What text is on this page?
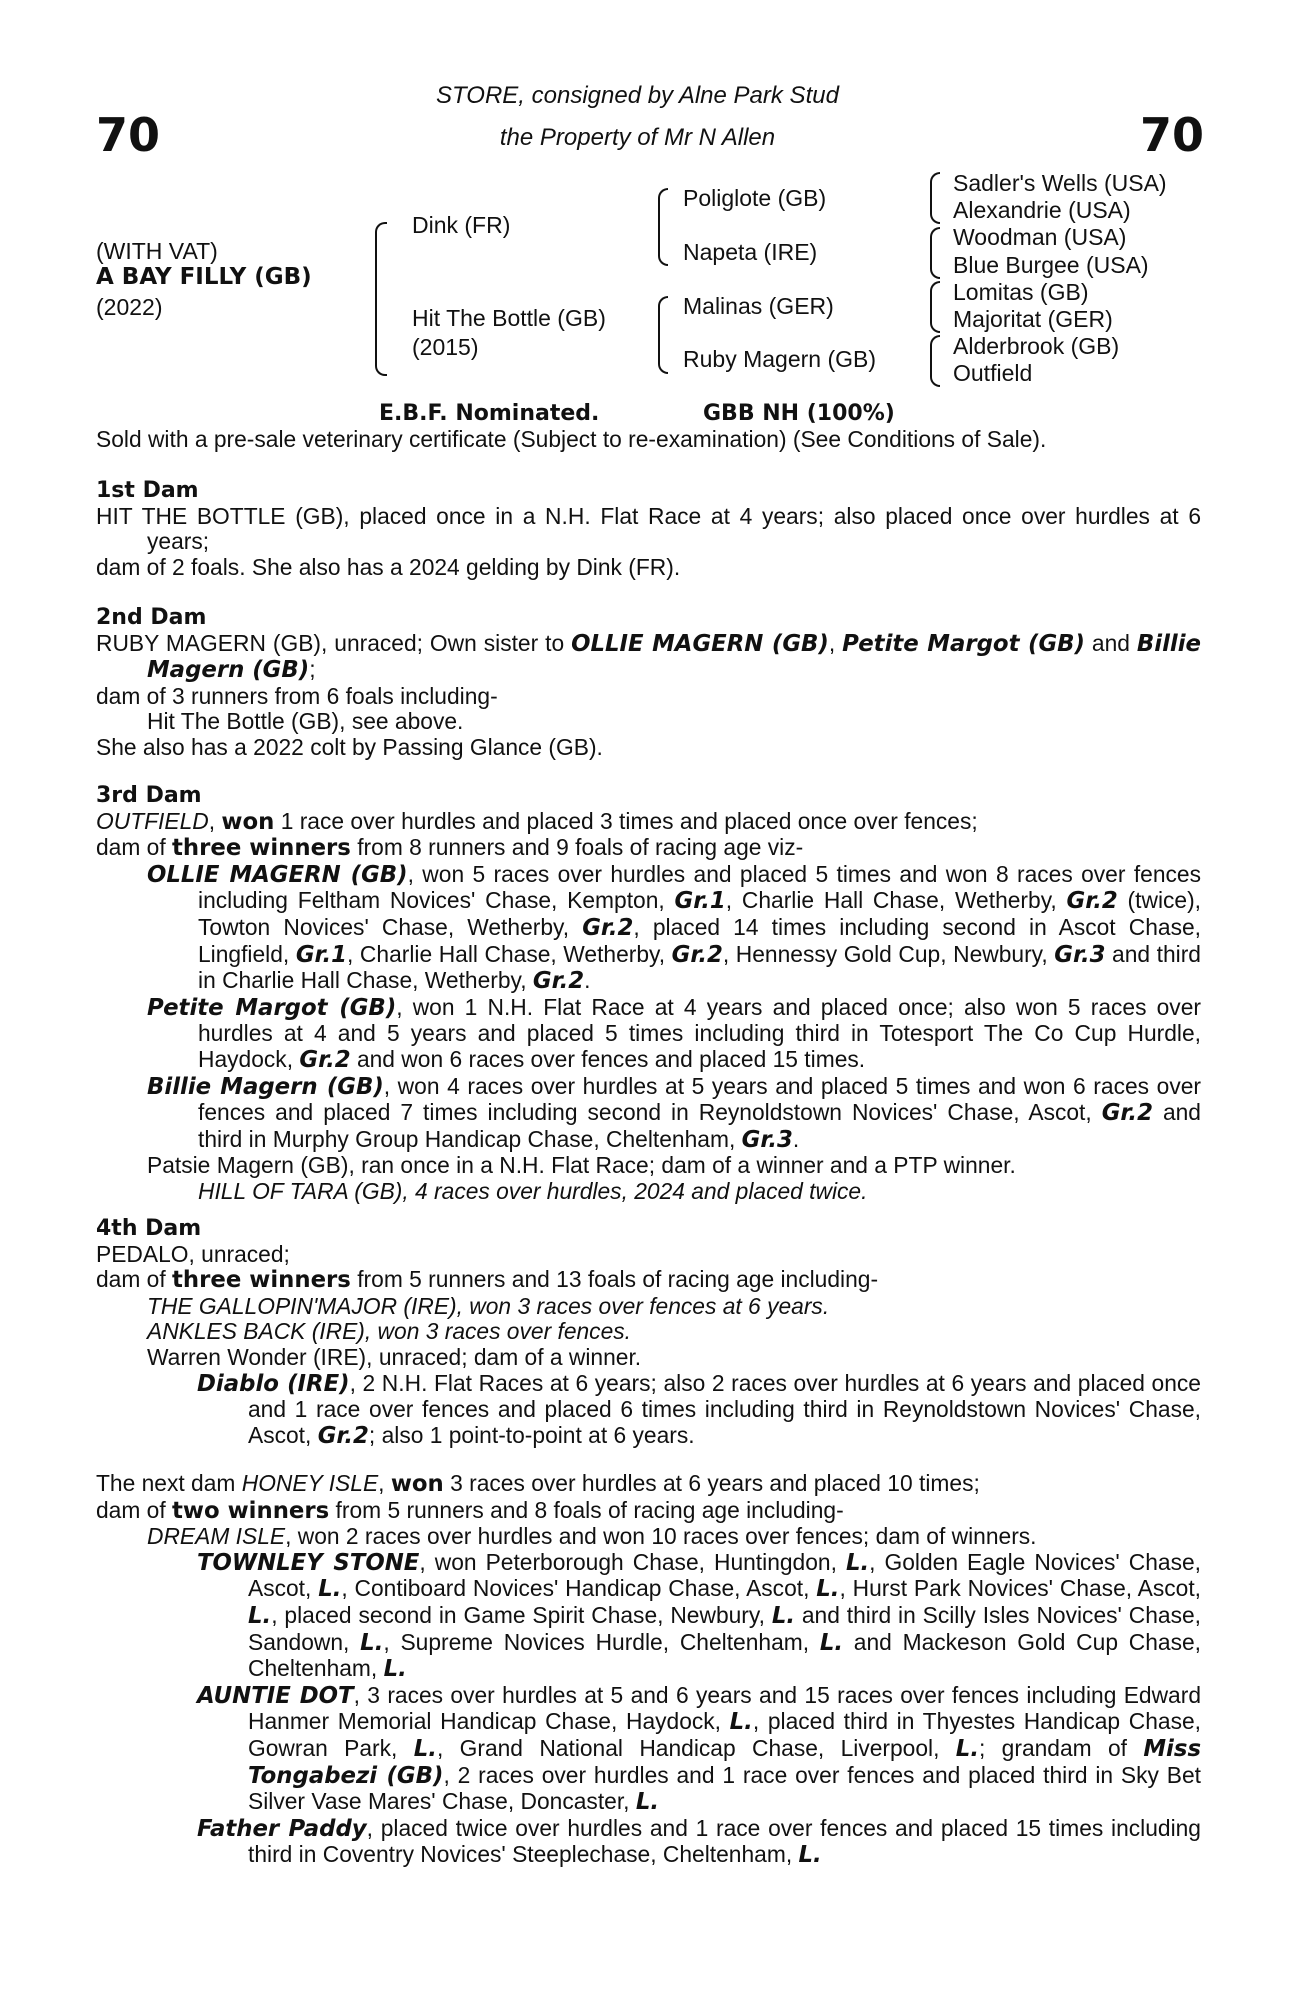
70	70
STORE, consigned by Alne Park Stud
the Property of Mr N Allen
(WITH VAT)
A BAY FILLY (GB)
(2022)
Dink (FR)
Hit The Bottle (GB)
(2015)
Poliglote (GB)
Napeta (IRE)
Malinas (GER)
Ruby Magern (GB)
Sadler's Wells (USA)
Alexandrie (USA)
Woodman (USA)
Blue Burgee (USA)
Lomitas (GB)
Majoritat (GER)
Alderbrook (GB)
Outfield
E.B.F. Nominated.	GBB NH (100%)
Sold with a pre-sale veterinary certificate (Subject to re-examination) (See Conditions of Sale).

1st Dam

HIT THE BOTTLE (GB), placed once in a N.H. Flat Race at 4 years; also placed once over hurdles at 6 years;

dam of 2 foals. She also has a 2024 gelding by Dink (FR).

2nd Dam

RUBY MAGERN (GB), unraced; Own sister to OLLIE MAGERN (GB), Petite Margot (GB) and Billie Magern (GB);

dam of 3 runners from 6 foals including-

Hit The Bottle (GB), see above.

She also has a 2022 colt by Passing Glance (GB).

3rd Dam

OUTFIELD, won 1 race over hurdles and placed 3 times and placed once over fences;

dam of three winners from 8 runners and 9 foals of racing age viz-

OLLIE MAGERN (GB), won 5 races over hurdles and placed 5 times and won 8 races over fences including Feltham Novices' Chase, Kempton, Gr.1, Charlie Hall Chase, Wetherby, Gr.2 (twice), Towton Novices' Chase, Wetherby, Gr.2, placed 14 times including second in Ascot Chase, Lingfield, Gr.1, Charlie Hall Chase, Wetherby, Gr.2, Hennessy Gold Cup, Newbury, Gr.3 and third in Charlie Hall Chase, Wetherby, Gr.2.

Petite Margot (GB), won 1 N.H. Flat Race at 4 years and placed once; also won 5 races over hurdles at 4 and 5 years and placed 5 times including third in Totesport The Co Cup Hurdle, Haydock, Gr.2 and won 6 races over fences and placed 15 times.

Billie Magern (GB), won 4 races over hurdles at 5 years and placed 5 times and won 6 races over fences and placed 7 times including second in Reynoldstown Novices' Chase, Ascot, Gr.2 and third in Murphy Group Handicap Chase, Cheltenham, Gr.3.

Patsie Magern (GB), ran once in a N.H. Flat Race; dam of a winner and a PTP winner.

HILL OF TARA (GB), 4 races over hurdles, 2024 and placed twice.

4th Dam

PEDALO, unraced;

dam of three winners from 5 runners and 13 foals of racing age including-

THE GALLOPIN'MAJOR (IRE), won 3 races over fences at 6 years.

ANKLES BACK (IRE), won 3 races over fences.

Warren Wonder (IRE), unraced; dam of a winner.

Diablo (IRE), 2 N.H. Flat Races at 6 years; also 2 races over hurdles at 6 years and placed once and 1 race over fences and placed 6 times including third in Reynoldstown Novices' Chase, Ascot, Gr.2; also 1 point-to-point at 6 years.

The next dam HONEY ISLE, won 3 races over hurdles at 6 years and placed 10 times;

dam of two winners from 5 runners and 8 foals of racing age including-

DREAM ISLE, won 2 races over hurdles and won 10 races over fences; dam of winners.

TOWNLEY STONE, won Peterborough Chase, Huntingdon, L., Golden Eagle Novices' Chase, Ascot, L., Contiboard Novices' Handicap Chase, Ascot, L., Hurst Park Novices' Chase, Ascot, L., placed second in Game Spirit Chase, Newbury, L. and third in Scilly Isles Novices' Chase, Sandown, L., Supreme Novices Hurdle, Cheltenham, L. and Mackeson Gold Cup Chase, Cheltenham, L.

AUNTIE DOT, 3 races over hurdles at 5 and 6 years and 15 races over fences including Edward Hanmer Memorial Handicap Chase, Haydock, L., placed third in Thyestes Handicap Chase, Gowran Park, L., Grand National Handicap Chase, Liverpool, L.; grandam of Miss Tongabezi (GB), 2 races over hurdles and 1 race over fences and placed third in Sky Bet Silver Vase Mares' Chase, Doncaster, L.

Father Paddy, placed twice over hurdles and 1 race over fences and placed 15 times including third in Coventry Novices' Steeplechase, Cheltenham, L.
